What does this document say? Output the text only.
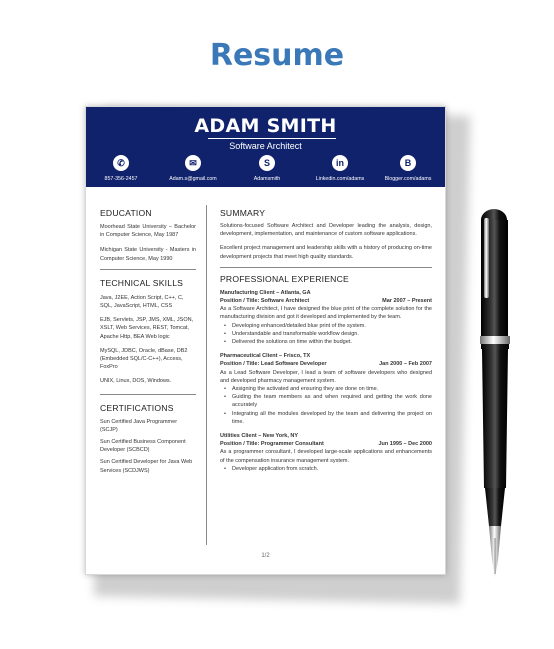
Resume
ADAM SMITH
Software Architect
✆
857-356-2457
✉
Adam.s@gmail.com
S
Adamsmith
in
Linkedin.com/adams
B
Blogger.com/adams
EDUCATION
Moorhead State University – Bachelor in Computer Science, May 1987
Michigan State University - Masters in Computer Science, May 1990
TECHNICAL SKILLS
Java, J2EE, Action Script, C++, C, SQL, JavaScript, HTML, CSS
EJB, Servlets, JSP, JMS, XML, JSON, XSLT, Web Services, REST, Tomcat, Apache Http, BEA Web logic
MySQL, JDBC, Oracle, dBase, DB2 (Embedded SQL/C-C++), Access, FoxPro
UNIX, Linux, DOS, Windows.
CERTIFICATIONS
Sun Certified Java Programmer (SCJP)
Sun Certified Business Component Developer (SCBCD)
Sun Certified Developer for Java Web Services (SCDJWS)
SUMMARY
Solutions-focused Software Architect and Developer leading the analysis, design, development, implementation, and maintenance of custom software applications.
Excellent project management and leadership skills with a history of producing on-time development projects that meet high quality standards.
PROFESSIONAL EXPERIENCE
Manufacturing Client – Atlanta, GA
Position / Title: Software Architect	Mar 2007 – Present
As a Software Architect, I have designed the blue print of the complete solution for the manufacturing division and got it developed and implemented by the team.
• Developing enhanced/detailed blue print of the system.
• Understandable and transformable workflow design.
• Delivered the solutions on time within the budget.
Pharmaceutical Client – Frisco, TX
Position / Title: Lead Software Developer	Jan 2000 – Feb 2007
As a Lead Software Developer, I lead a team of software developers who designed and developed pharmacy management system.
• Assigning the activated and ensuring they are done on time.
• Guiding the team members as and when required and getting the work done accurately
• Integrating all the modules developed by the team and delivering the project on time.
Utilities Client – New York, NY
Position / Title: Programmer Consultant	Jun 1995 – Dec 2000
As a programmer consultant, I developed large-scale applications and enhancements of the compensation insurance management system.
• Developer application from scratch.
1/2
